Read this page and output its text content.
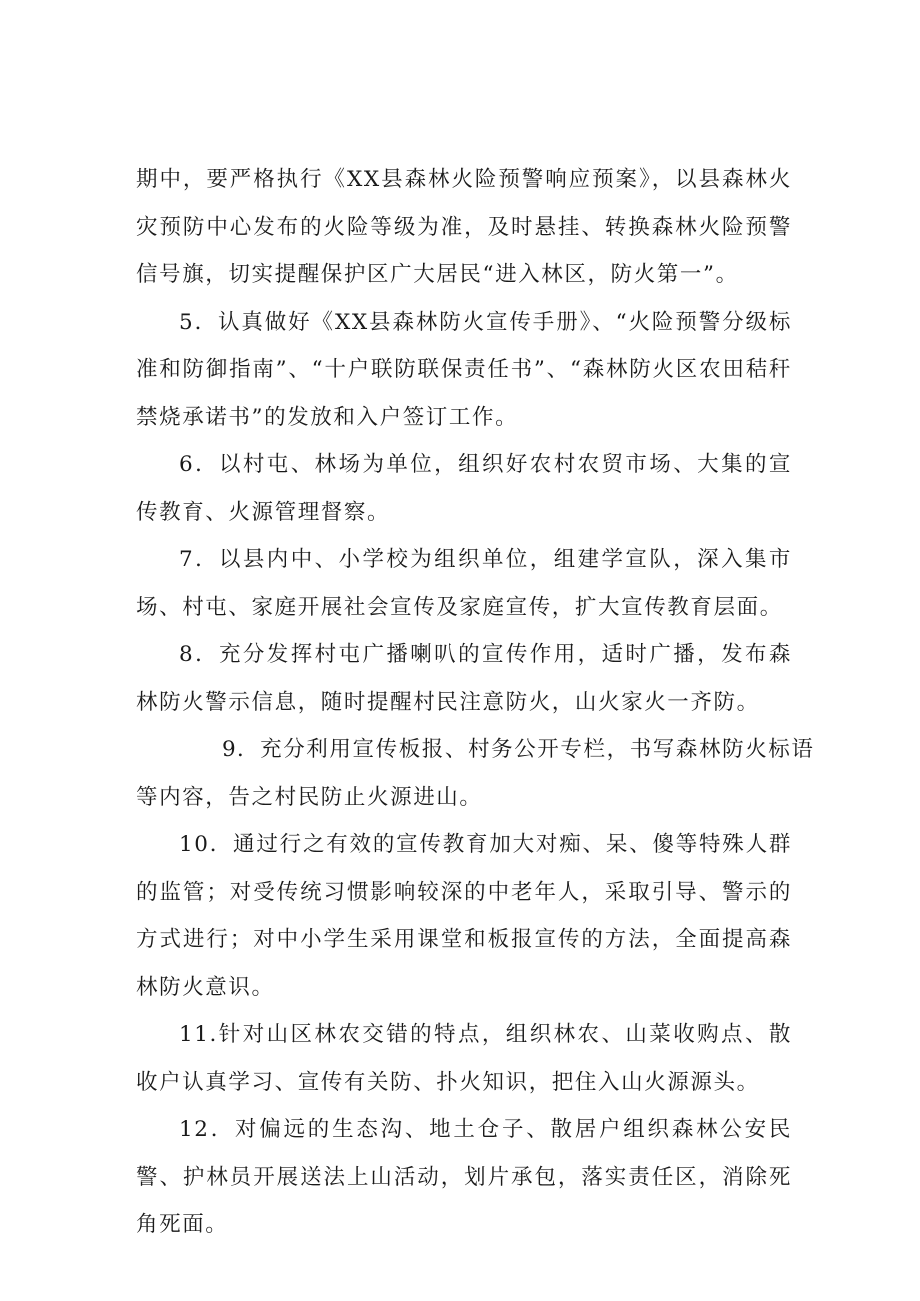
期中，要严格执行《XX县森林火险预警响应预案》，以县森林火灾预防中心发布的火险等级为准，及时悬挂、转换森林火险预警信号旗，切实提醒保护区广大居民“进入林区，防火第一”。

5．认真做好《XX县森林防火宣传手册》、“火险预警分级标准和防御指南”、“十户联防联保责任书”、“森林防火区农田秸秆禁烧承诺书”的发放和入户签订工作。

6．以村屯、林场为单位，组织好农村农贸市场、大集的宣传教育、火源管理督察。

7．以县内中、小学校为组织单位，组建学宣队，深入集市场、村屯、家庭开展社会宣传及家庭宣传，扩大宣传教育层面。

8．充分发挥村屯广播喇叭的宣传作用，适时广播，发布森林防火警示信息，随时提醒村民注意防火，山火家火一齐防。

9．充分利用宣传板报、村务公开专栏，书写森林防火标语

等内容，告之村民防止火源进山。

10．通过行之有效的宣传教育加大对痴、呆、傻等特殊人群的监管；对受传统习惯影响较深的中老年人，采取引导、警示的方式进行；对中小学生采用课堂和板报宣传的方法，全面提高森林防火意识。

11.针对山区林农交错的特点，组织林农、山菜收购点、散收户认真学习、宣传有关防、扑火知识，把住入山火源源头。

12．对偏远的生态沟、地土仓子、散居户组织森林公安民警、护林员开展送法上山活动，划片承包，落实责任区，消除死角死面。
